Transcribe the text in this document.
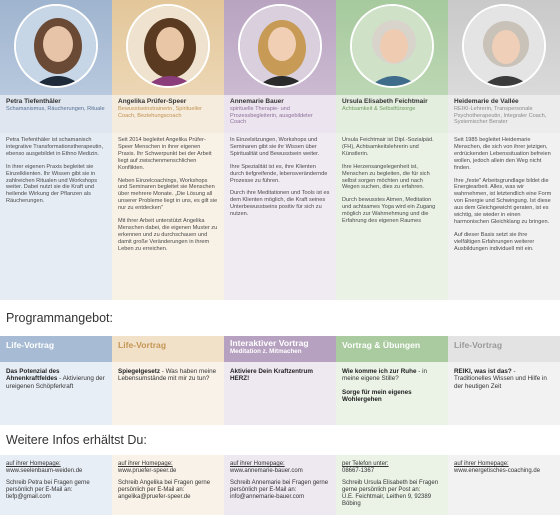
Petra Tiefenthäler
Schamanismus, Räucherungen, Rituale

Petra Tiefenthäler ist schamanisch integrative Transformationstherapeutin, ebenso ausgebildet in Ethno Medizin.

In ihrer eigenen Praxis begleitet sie Einzelklienten. Ihr Wissen gibt sie in zahlreichen Ritualen und Workshops weiter. Dabei nutzt sie die Kraft und heilende Wirkung der Pflanzen als Räucherungen.

Angelika Prüfer-Speer
Bewusstseinstrainerin, Spiritueller Coach, Beziehungscoach

Seit 2014 begleitet Angelika Prüfer-Speer Menschen in ihrer eigenen Praxis. Ihr Schwerpunkt bei der Arbeit liegt auf zwischenmenschlichen Konflikten.

Neben Einzelcoachings, Workshops und Seminaren begleitet sie Menschen über mehrere Monate. „Die Lösung all unserer Probleme liegt in uns, es gilt sie nur zu entdecken"

Mit ihrer Arbeit unterstützt Angelika Menschen dabei, die eigenen Muster zu erkennen und zu durchschauen und damit große Veränderungen in ihrem Leben zu erreichen.

Annemarie Bauer
spirituelle Therapie- und Prozessbegleiterin, ausgebildeter Coach

In Einzelsitzungen, Workshops und Seminaren gibt sie ihr Wissen über Spiritualität und Bewusstsein weiter.

Ihre Spezialität ist es, ihre Klienten durch tiefgreifende, lebensverändernde Prozesse zu führen.

Durch ihre Meditationen und Tools ist es dem Klienten möglich, die Kraft seines Unterbewusstseins positiv für sich zu nutzen.

Ursula Elisabeth Feichtmair
Achtsamkeit & Selbstfürsorge

Ursula Feichtmair ist Dipl.-Sozialpäd. (FH), Achtsamkeitslehrerin und Künstlerin.

Ihre Herzensangelegenheit ist, Menschen zu begleiten, die für sich selbst sorgen möchten und nach Wegen suchen, dies zu erfahren.

Durch bewusstes Atmen, Meditation und achtsames Yoga wird ein Zugang möglich zur Wahrnehmung und die Erfahrung des eigenen Raumes

Heidemarie de Vallée
REIKI-Lehrerin, Transpersonale Psychotherapeutin, Integraler Coach, Systemischer Berater

Seit 1985 begleitet Heidemarie Menschen, die sich von ihrer jetzigen, erdrückenden Lebenssituation befreien wollen, jedoch allein den Weg nicht finden.

Ihre „feste" Arbeitsgrundlage bildet die Energiearbeit. Alles, was wir wahrnehmen, ist letztendlich eine Form von Energie und Schwingung. Ist diese aus dem Gleichgewicht geraten, ist es wichtig, sie wieder in einen harmonischen Gleichklang zu bringen.

Auf dieser Basis setzt sie ihre vielfältigen Erfahrungen weiterer Ausbildungen individuell mit ein.

Programmangebot:
Life-Vortrag

Das Potenzial des Ahnenkraftfeldes - Aktivierung der ureigenen Schöpferkraft

Life-Vortrag

Spiegelgesetz - Was haben meine Lebensumstände mit mir zu tun?

Interaktiver Vortrag
Meditation z. Mitmachen

Aktiviere Dein Kraftzentrum HERZ!

Vortrag & Übungen

Wie komme ich zur Ruhe - in meine eigene Stille?

Sorge für mein eigenes Wohlergehen

Life-Vortrag

REIKI, was ist das? - Traditionelles Wissen und Hilfe in der heutigen Zeit

Weitere Infos erhältst Du:

auf ihrer Homepage:

www.seelenbaum-weiden.de

Schreib Petra bei Fragen gerne persönlich per E-Mail an:

tiefp@gmail.com

auf ihrer Homepage:

www.pruefer-speer.de

Schreib Angelika bei Fragen gerne persönlich per E-Mail an:

angelika@pruefer-speer.de

auf ihrer Homepage:

www.annemarie-bauer.com

Schreib Annemarie bei Fragen gerne persönlich per E-Mail an:

info@annemarie-bauer.com

per Telefon unter:

08667-1367

Schreib Ursula Elisabeth bei Fragen gerne persönlich per Post an:

U.E. Feichtmair, Leithen 9, 92389 Böbing

auf ihrer Homepage:

www.energetisches-coaching.de
